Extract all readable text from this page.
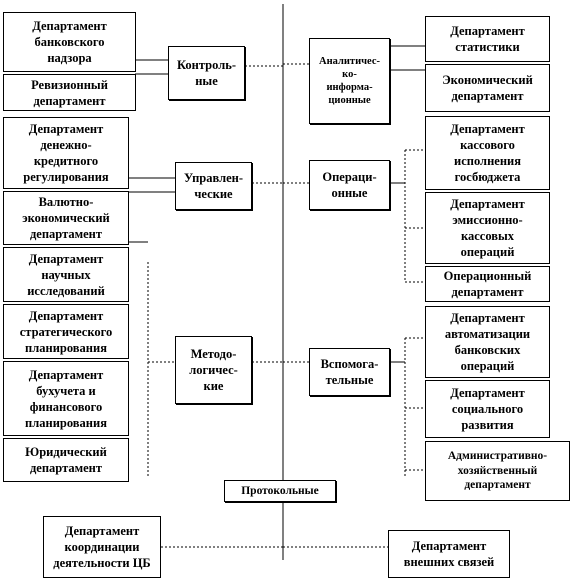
Департамент
банковского
надзора
Ревизионный
департамент
Департамент
денежно-
кредитного
регулирования
Валютно-
экономический
департамент
Департамент
научных
исследований
Департамент
стратегического
планирования
Департамент
бухучета и
финансового
планирования
Юридический
департамент
Контроль-
ные
Управлен-
ческие
Методо-
логичес-
кие
Аналитичес-
ко-
информа-
ционные
Операци-
онные
Вспомога-
тельные
Протокольные
Департамент
статистики
Экономический
департамент
Департамент
кассового
исполнения
госбюджета
Департамент
эмиссионно-
кассовых
операций
Операционный
департамент
Департамент
автоматизации
банковских
операций
Департамент
социального
развития
Административно-
хозяйственный
департамент
Департамент
координации
деятельности ЦБ
Департамент
внешних связей
